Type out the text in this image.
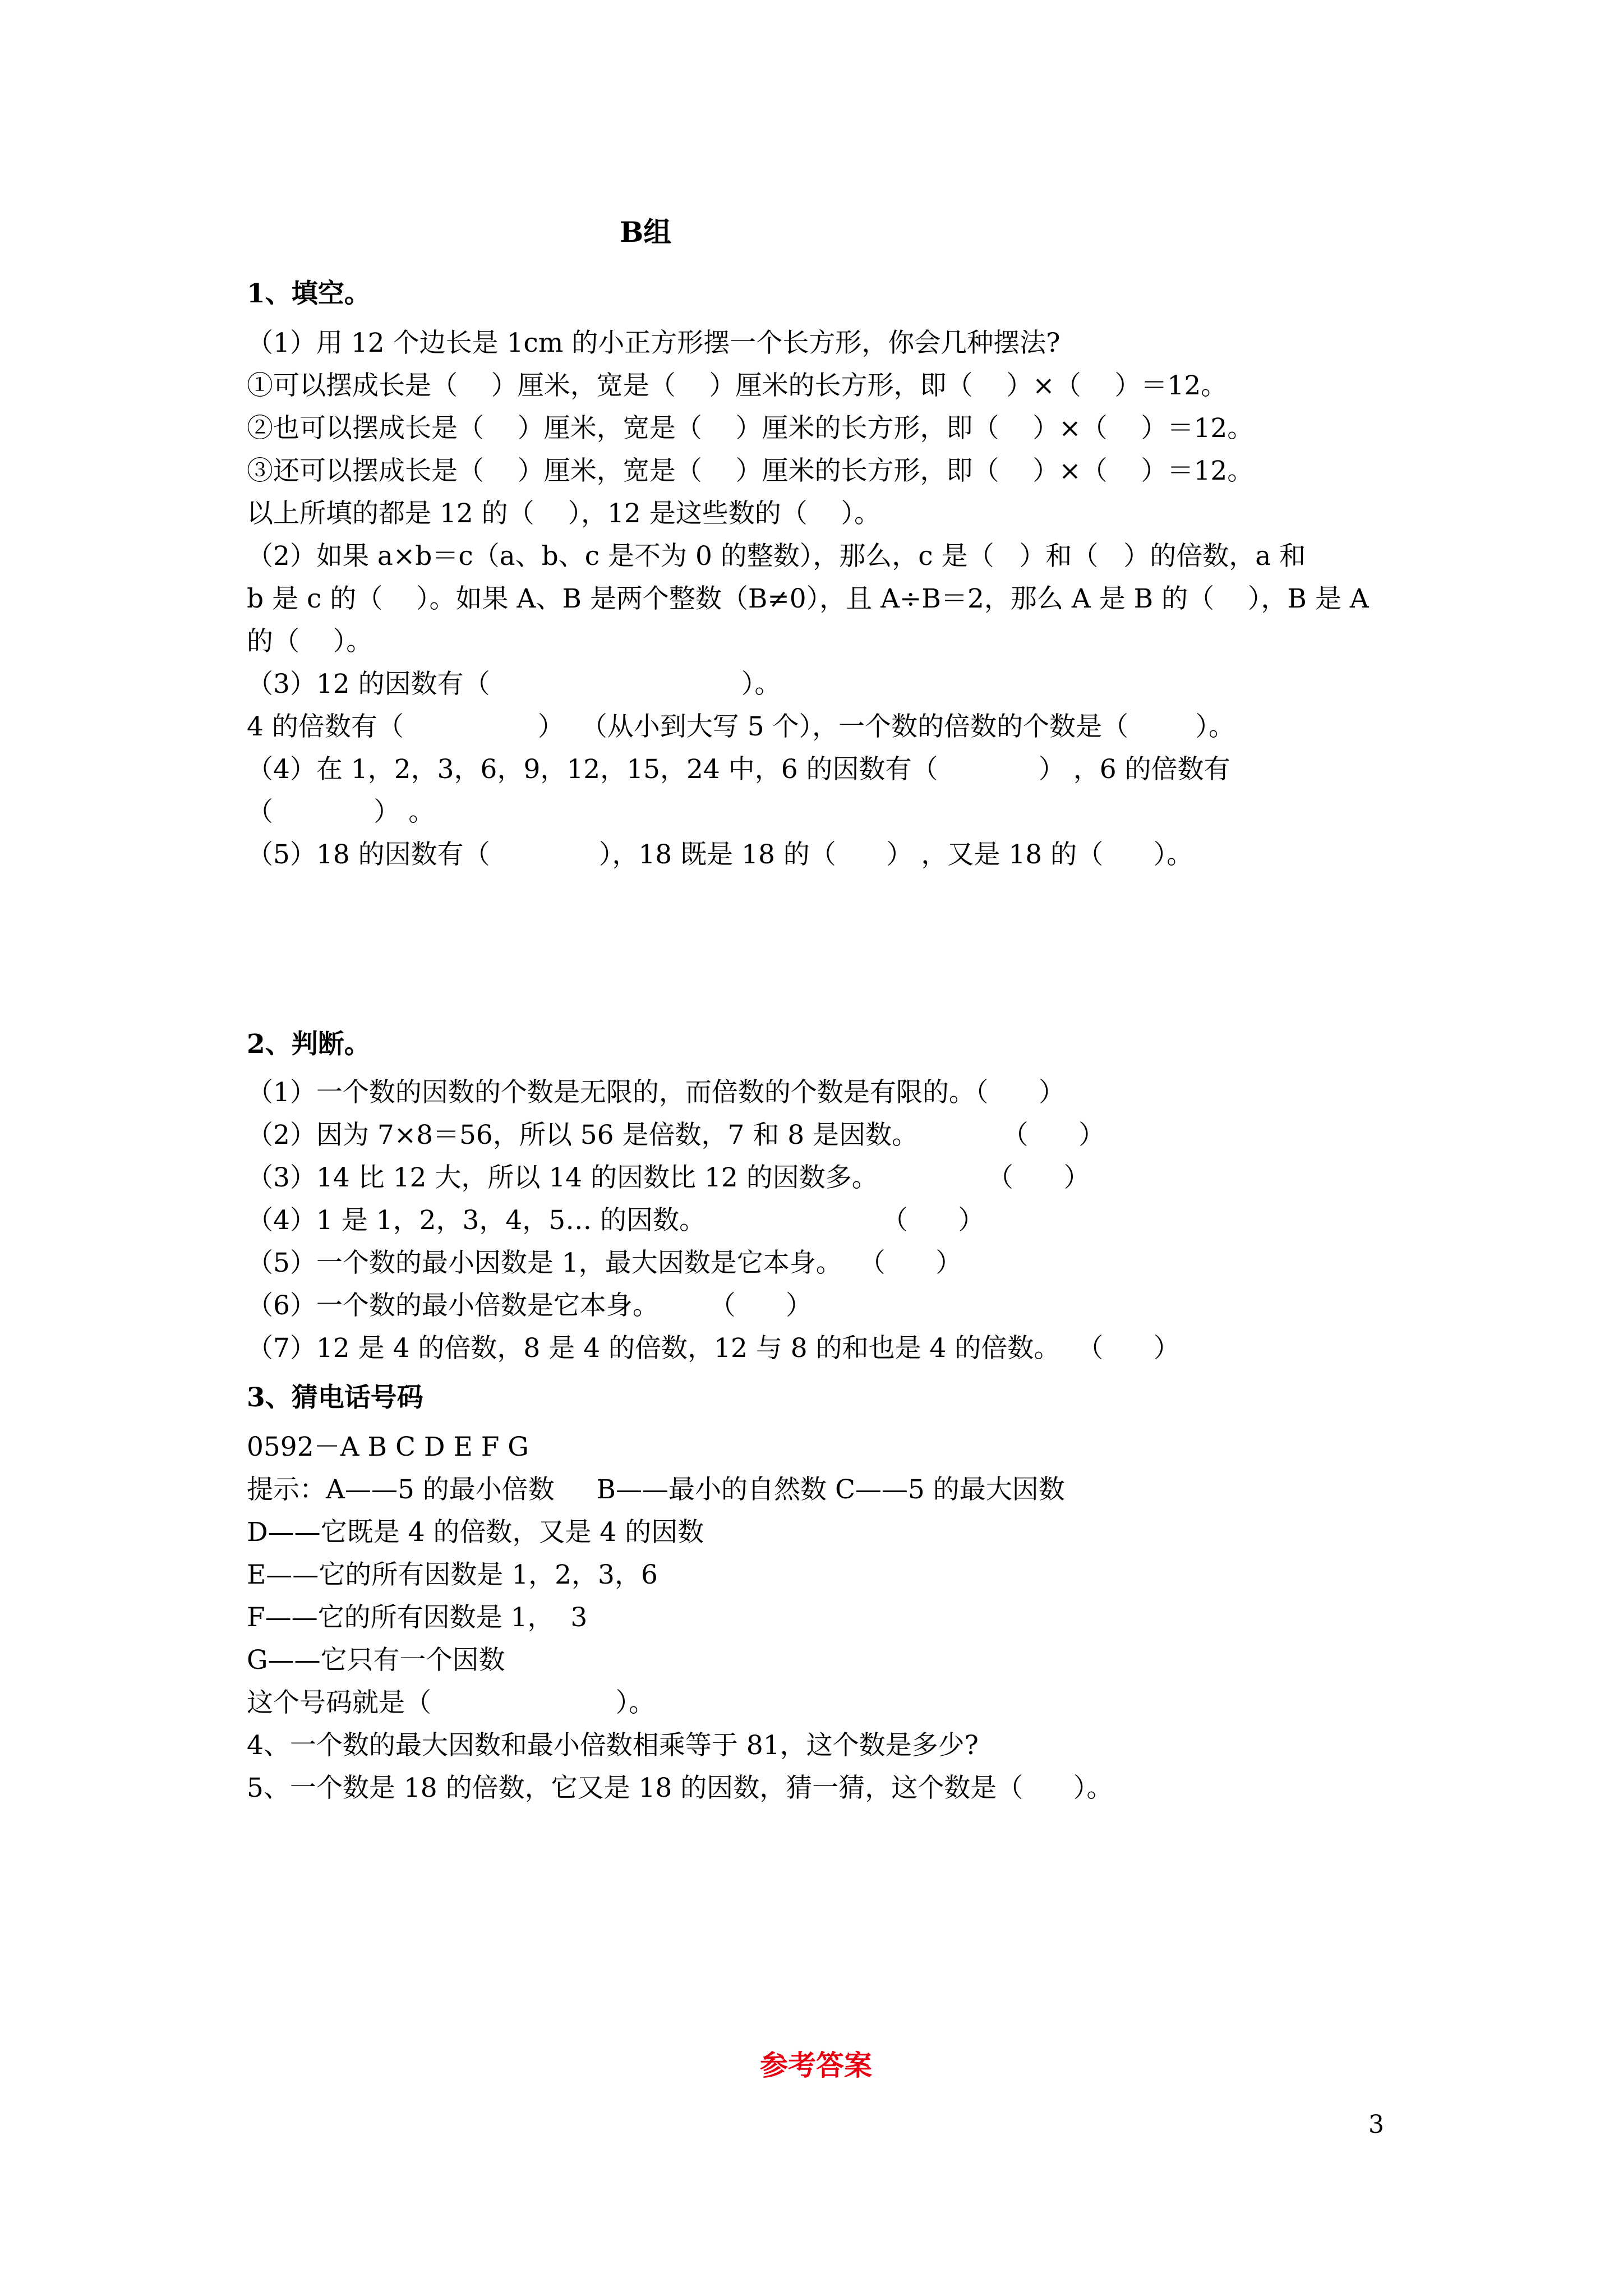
B组
1、填空。
（1）用 12 个边长是 1cm 的小正方形摆一个长方形，你会几种摆法?
①可以摆成长是（    ）厘米，宽是（    ）厘米的长方形，即（    ）×（    ）＝12。
②也可以摆成长是（    ）厘米，宽是（    ）厘米的长方形，即（    ）×（    ）＝12。
③还可以摆成长是（    ）厘米，宽是（    ）厘米的长方形，即（    ）×（    ）＝12。
以上所填的都是 12 的（    ），12 是这些数的（    ）。
（2）如果 a×b＝c（a、b、c 是不为 0 的整数），那么，c 是（   ）和（   ）的倍数，a 和
b 是 c 的（    ）。如果 A、B 是两个整数（B≠0），且 A÷B＝2，那么 A 是 B 的（    ），B 是 A
的（    ）。
（3）12 的因数有（                              ）。
4 的倍数有（                ）  （从小到大写 5 个），一个数的倍数的个数是（        ）。
（4）在 1，2，3，6，9，12，15，24 中，6 的因数有（            ） ，6 的倍数有
（            ） 。
（5）18 的因数有（             ），18 既是 18 的（      ） ，又是 18 的（      ）。
2、判断。
（1）一个数的因数的个数是无限的，而倍数的个数是有限的。（      ）
（2）因为 7×8＝56，所以 56 是倍数，7 和 8 是因数。          （      ）
（3）14 比 12 大，所以 14 的因数比 12 的因数多。             （      ）
（4）1 是 1，2，3，4，5… 的因数。                     （      ）
（5）一个数的最小因数是 1，最大因数是它本身。  （      ）
（6）一个数的最小倍数是它本身。      （      ）
（7）12 是 4 的倍数，8 是 4 的倍数，12 与 8 的和也是 4 的倍数。  （      ）
3、猜电话号码
0592－A B C D E F G
提示：A——5 的最小倍数     B——最小的自然数 C——5 的最大因数
D——它既是 4 的倍数，又是 4 的因数
E——它的所有因数是 1，2，3，6
F——它的所有因数是 1，  3
G——它只有一个因数
这个号码就是（                      ）。
4、一个数的最大因数和最小倍数相乘等于 81，这个数是多少?
5、一个数是 18 的倍数，它又是 18 的因数，猜一猜，这个数是（      ）。
参考答案
3
